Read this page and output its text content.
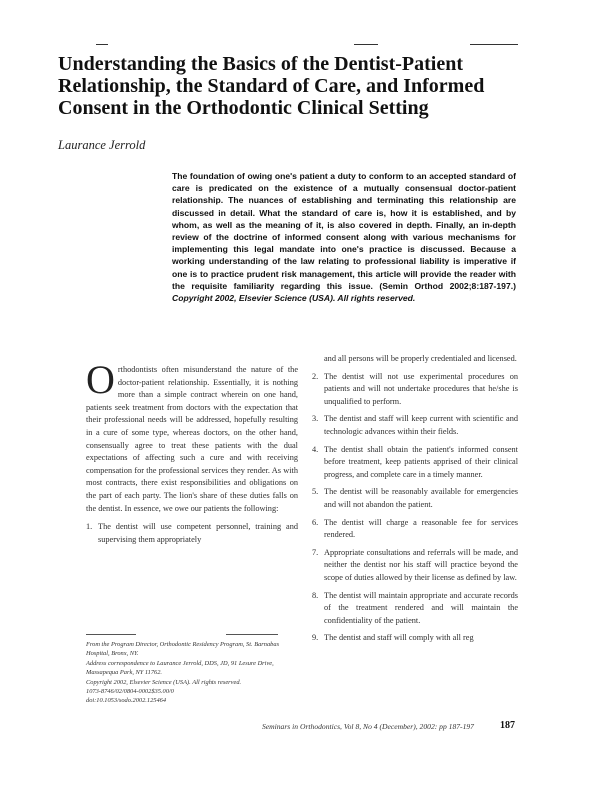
Understanding the Basics of the Dentist-Patient Relationship, the Standard of Care, and Informed Consent in the Orthodontic Clinical Setting
Laurance Jerrold
The foundation of owing one's patient a duty to conform to an accepted standard of care is predicated on the existence of a mutually consensual doctor-patient relationship. The nuances of establishing and terminating this relationship are discussed in detail. What the standard of care is, how it is established, and by whom, as well as the meaning of it, is also covered in depth. Finally, an in-depth review of the doctrine of informed consent along with various mechanisms for implementing this legal mandate into one's practice is discussed. Because a working understanding of the law relating to professional liability is imperative if one is to practice prudent risk management, this article will provide the reader with the requisite familiarity regarding this issue. (Semin Orthod 2002;8:187-197.) Copyright 2002, Elsevier Science (USA). All rights reserved.

Orthodontists often misunderstand the nature of the doctor-patient relationship. Essentially, it is nothing more than a simple contract wherein on one hand, patients seek treatment from doctors with the expectation that their professional needs will be addressed, hopefully resulting in a cure of some type, whereas doctors, on the other hand, consensually agree to treat these patients with the dual expectations of affecting such a cure and with receiving compensation for the professional services they render. As with most contracts, there exist responsibilities and obligations on the part of each party. The lion's share of these duties falls on the dentist. In essence, we owe our patients the following:

1. The dentist will use competent personnel, training and supervising them appropriately

and all persons will be properly credentialed and licensed.

2. The dentist will not use experimental procedures on patients and will not undertake procedures that he/she is unqualified to perform.
3. The dentist and staff will keep current with scientific and technologic advances within their fields.
4. The dentist shall obtain the patient's informed consent before treatment, keep patients apprised of their clinical progress, and complete care in a timely manner.
5. The dentist will be reasonably available for emergencies and will not abandon the patient.
6. The dentist will charge a reasonable fee for services rendered.
7. Appropriate consultations and referrals will be made, and neither the dentist nor his staff will practice beyond the scope of duties allowed by their license as defined by law.
8. The dentist will maintain appropriate and accurate records of the treatment rendered and will maintain the confidentiality of the patient.
9. The dentist and staff will comply with all reg

From the Program Director, Orthodontic Residency Program, St. Barnabas Hospital, Bronx, NY.

Address correspondence to Laurance Jerrold, DDS, JD, 91 Lesure Drive, Massapequa Park, NY 11762.

Copyright 2002, Elsevier Science (USA). All rights reserved.

1073-8746/02/0804-0002$35.00/0

doi:10.1053/sodo.2002.125464

Seminars in Orthodontics, Vol 8, No 4 (December), 2002: pp 187-197	187
